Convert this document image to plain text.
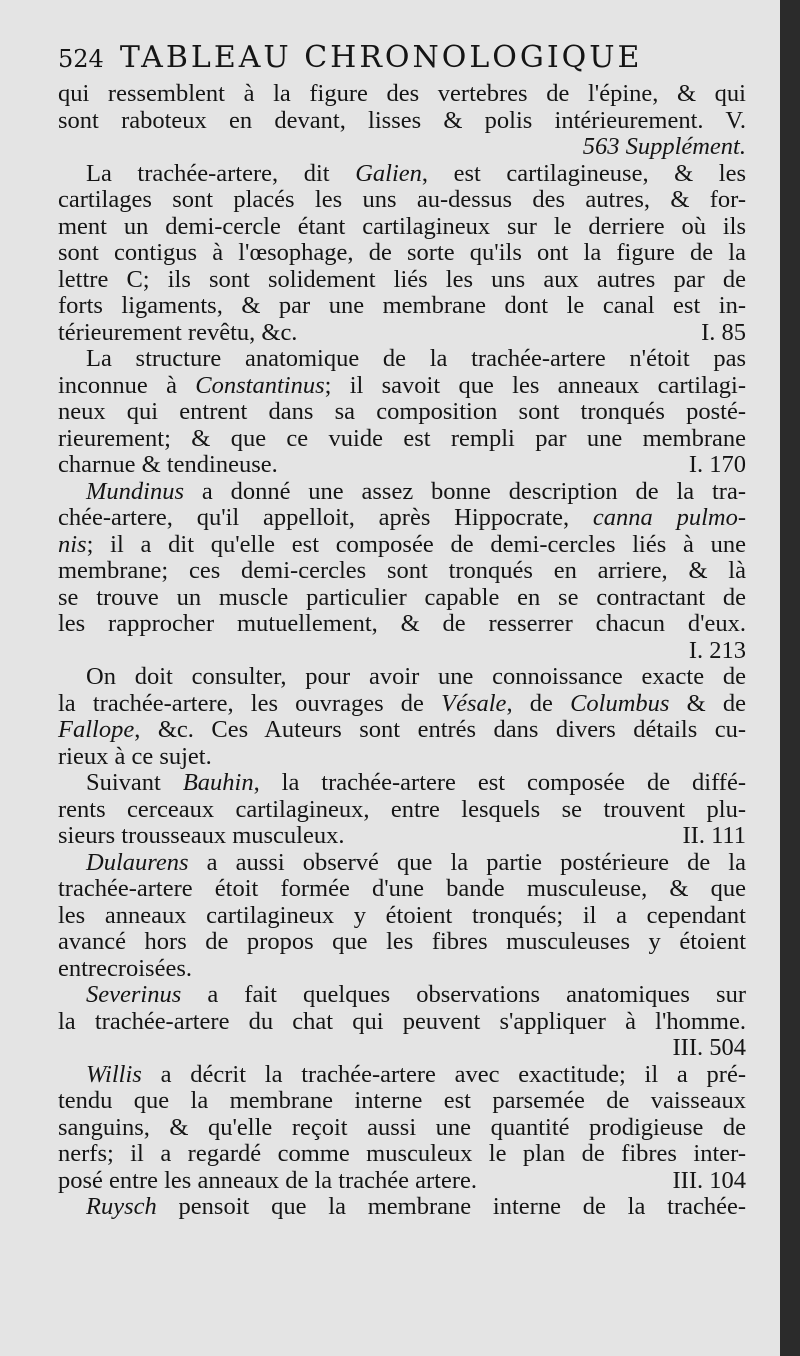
524 TABLEAU CHRONOLOGIQUE
qui ressemblent à la figure des vertebres de l'épine, & qui
sont raboteux en devant, lisses & polis intérieurement. V.
563 Supplément.
La trachée-artere, dit Galien, est cartilagineuse, & les
cartilages sont placés les uns au-dessus des autres, & for-
ment un demi-cercle étant cartilagineux sur le derriere où ils
sont contigus à l'œsophage, de sorte qu'ils ont la figure de la
lettre C; ils sont solidement liés les uns aux autres par de
forts ligaments, & par une membrane dont le canal est in-
térieurement revêtu, &c.	I. 85
La structure anatomique de la trachée-artere n'étoit pas
inconnue à Constantinus; il savoit que les anneaux cartilagi-
neux qui entrent dans sa composition sont tronqués posté-
rieurement; & que ce vuide est rempli par une membrane
charnue & tendineuse.	I. 170
Mundinus a donné une assez bonne description de la tra-
chée-artere, qu'il appelloit, après Hippocrate, canna pulmo-
nis; il a dit qu'elle est composée de demi-cercles liés à une
membrane; ces demi-cercles sont tronqués en arriere, & là
se trouve un muscle particulier capable en se contractant de
les rapprocher mutuellement, & de resserrer chacun d'eux.
I. 213
On doit consulter, pour avoir une connoissance exacte de
la trachée-artere, les ouvrages de Vésale, de Columbus & de
Fallope, &c. Ces Auteurs sont entrés dans divers détails cu-
rieux à ce sujet.
Suivant Bauhin, la trachée-artere est composée de diffé-
rents cerceaux cartilagineux, entre lesquels se trouvent plu-
sieurs trousseaux musculeux.	II. 111
Dulaurens a aussi observé que la partie postérieure de la
trachée-artere étoit formée d'une bande musculeuse, & que
les anneaux cartilagineux y étoient tronqués; il a cependant
avancé hors de propos que les fibres musculeuses y étoient
entrecroisées.
Severinus a fait quelques observations anatomiques sur
la trachée-artere du chat qui peuvent s'appliquer à l'homme.
III. 504
Willis a décrit la trachée-artere avec exactitude; il a pré-
tendu que la membrane interne est parsemée de vaisseaux
sanguins, & qu'elle reçoit aussi une quantité prodigieuse de
nerfs; il a regardé comme musculeux le plan de fibres inter-
posé entre les anneaux de la trachée artere.	III. 104
Ruysch pensoit que la membrane interne de la trachée-
